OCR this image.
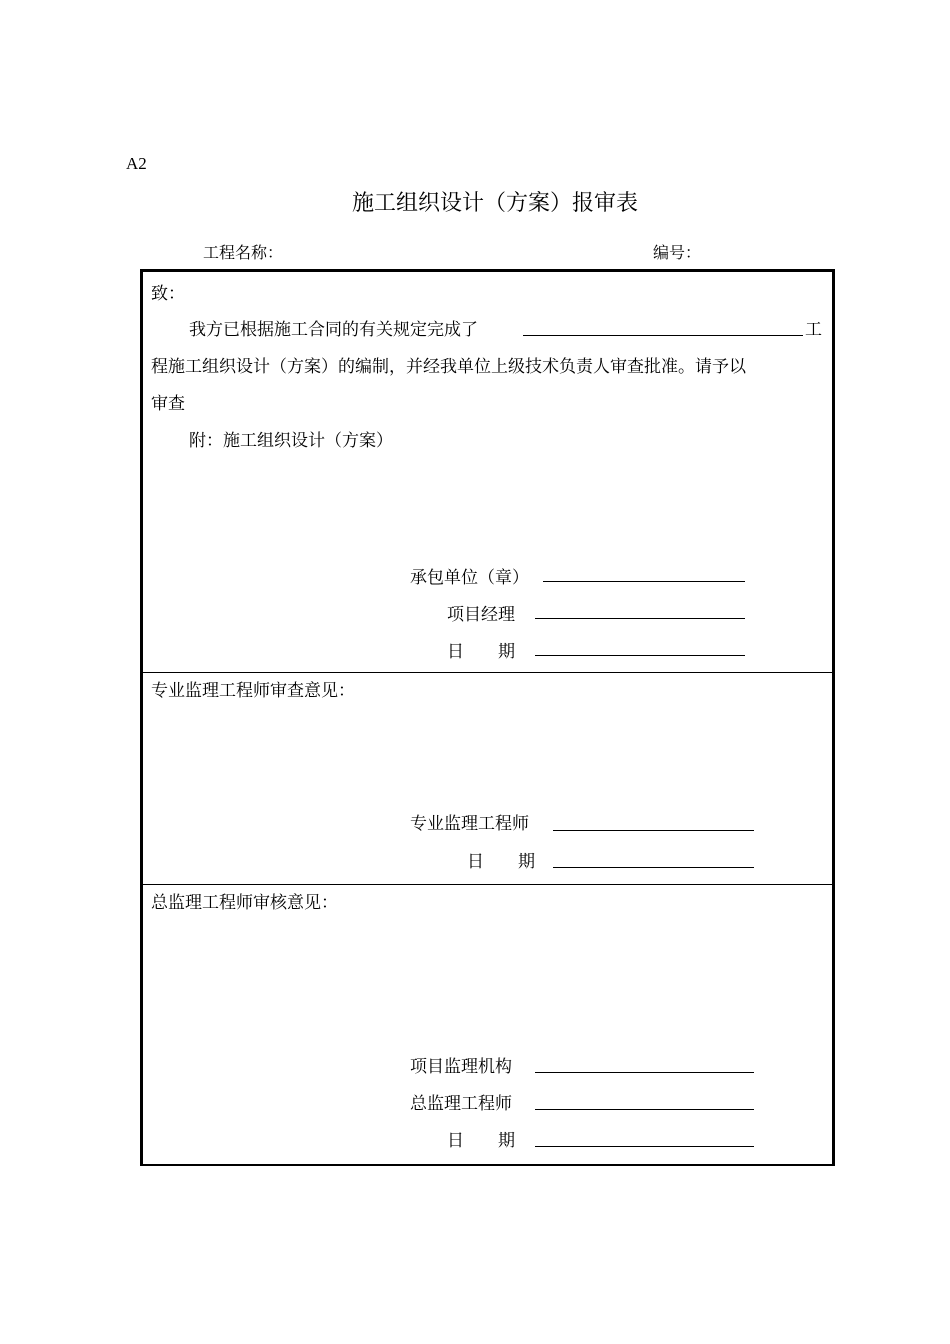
A2
施工组织设计（方案）报审表
工程名称：	编号：
致：
我方已根据施工合同的有关规定完成了	工
程施工组织设计（方案）的编制，并经我单位上级技术负责人审查批准。请予以
审查
附：施工组织设计（方案）
承包单位（章）
项目经理
日　　期
专业监理工程师审查意见：
专业监理工程师
日　　期
总监理工程师审核意见：
项目监理机构
总监理工程师
日　　期
